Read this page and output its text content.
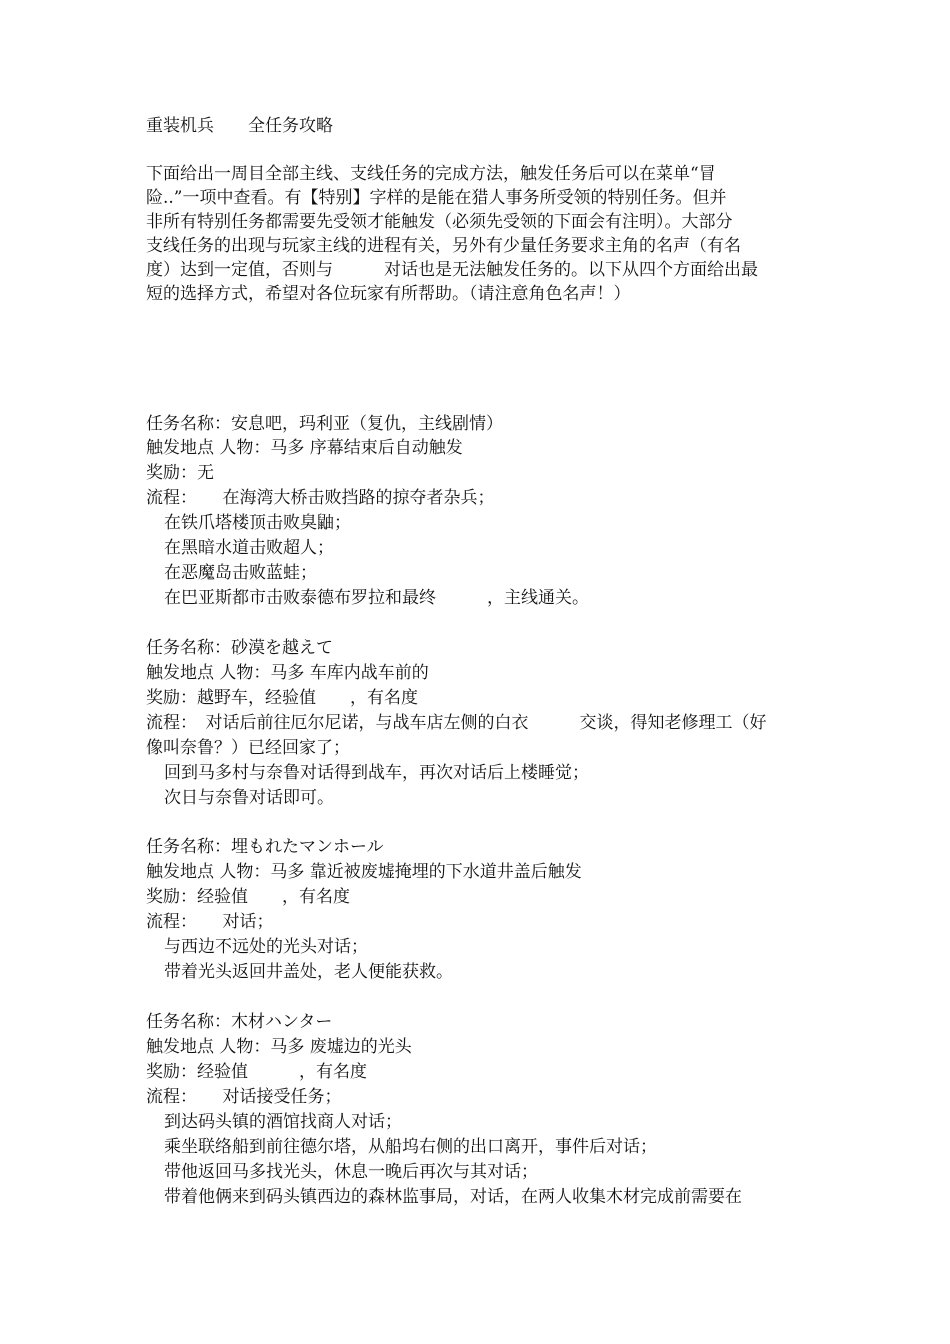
重装机兵　　全任务攻略
下面给出一周目全部主线、支线任务的完成方法，触发任务后可以在菜单“冒
险..”一项中查看。有【特别】字样的是能在猎人事务所受领的特别任务。但并
非所有特别任务都需要先受领才能触发（必须先受领的下面会有注明）。大部分
支线任务的出现与玩家主线的进程有关，另外有少量任务要求主角的名声（有名
度）达到一定值，否则与　　　对话也是无法触发任务的。以下从四个方面给出最
短的选择方式，希望对各位玩家有所帮助。（请注意角色名声！）
任务名称：安息吧，玛利亚（复仇，主线剧情）
触发地点 人物：马多 序幕结束后自动触发
奖励：无
流程：　　在海湾大桥击败挡路的掠夺者杂兵；
在铁爪塔楼顶击败臭鼬；
在黑暗水道击败超人；
在恶魔岛击败蓝蛙；
在巴亚斯都市击败泰德布罗拉和最终　　　，主线通关。
任务名称：砂漠を越えて
触发地点 人物：马多 车库内战车前的
奖励：越野车，经验值　　，有名度
流程：　对话后前往厄尔尼诺，与战车店左侧的白衣　　　交谈，得知老修理工（好
像叫奈鲁？）已经回家了；
回到马多村与奈鲁对话得到战车，再次对话后上楼睡觉；
次日与奈鲁对话即可。
任务名称：埋もれたマンホール
触发地点 人物：马多 靠近被废墟掩埋的下水道井盖后触发
奖励：经验值　　，有名度
流程：　　对话；
与西边不远处的光头对话；
带着光头返回井盖处，老人便能获救。
任务名称：木材ハンター
触发地点 人物：马多 废墟边的光头
奖励：经验值　　　，有名度
流程：　　对话接受任务；
到达码头镇的酒馆找商人对话；
乘坐联络船到前往德尔塔，从船坞右侧的出口离开，事件后对话；
带他返回马多找光头，休息一晚后再次与其对话；
带着他俩来到码头镇西边的森林监事局，对话，在两人收集木材完成前需要在
